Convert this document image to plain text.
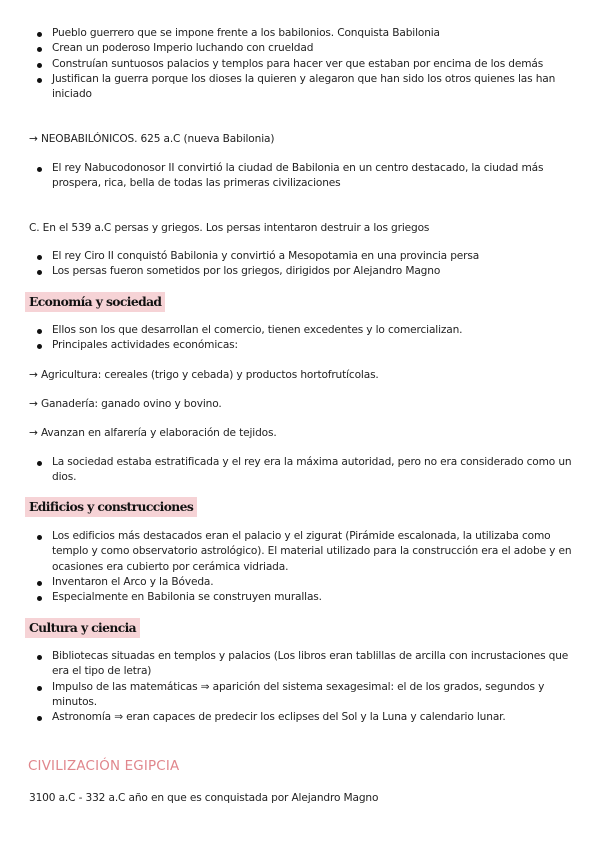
Pueblo guerrero que se impone frente a los babilonios. Conquista Babilonia
Crean un poderoso Imperio luchando con crueldad
Construían suntuosos palacios y templos para hacer ver que estaban por encima de los demás
Justifican la guerra porque los dioses la quieren y alegaron que han sido los otros quienes las han iniciado
→ NEOBABILÓNICOS. 625 a.C (nueva Babilonia)
El rey Nabucodonosor II convirtió la ciudad de Babilonia en un centro destacado, la ciudad más prospera, rica, bella de todas las primeras civilizaciones
C. En el 539 a.C persas y griegos. Los persas intentaron destruir a los griegos
El rey Ciro II conquistó Babilonia y convirtió a Mesopotamia en una provincia persa
Los persas fueron sometidos por los griegos, dirigidos por Alejandro Magno
Economía y sociedad
Ellos son los que desarrollan el comercio, tienen excedentes y lo comercializan.
Principales actividades económicas:
→ Agricultura: cereales (trigo y cebada) y productos hortofrutícolas.
→ Ganadería: ganado ovino y bovino.
→ Avanzan en alfarería y elaboración de tejidos.
La sociedad estaba estratificada y el rey era la máxima autoridad, pero no era considerado como un dios.
Edificios y construcciones
Los edificios más destacados eran el palacio y el zigurat (Pirámide escalonada, la utilizaba como templo y como observatorio astrológico). El material utilizado para la construcción era el adobe y en ocasiones era cubierto por cerámica vidriada.
Inventaron el Arco y la Bóveda.
Especialmente en Babilonia se construyen murallas.
Cultura y ciencia
Bibliotecas situadas en templos y palacios (Los libros eran tablillas de arcilla con incrustaciones que era el tipo de letra)
Impulso de las matemáticas ⇒ aparición del sistema sexagesimal: el de los grados, segundos y minutos.
Astronomía ⇒ eran capaces de predecir los eclipses del Sol y la Luna y calendario lunar.
CIVILIZACIÓN EGIPCIA
3100 a.C - 332 a.C año en que es conquistada por Alejandro Magno
